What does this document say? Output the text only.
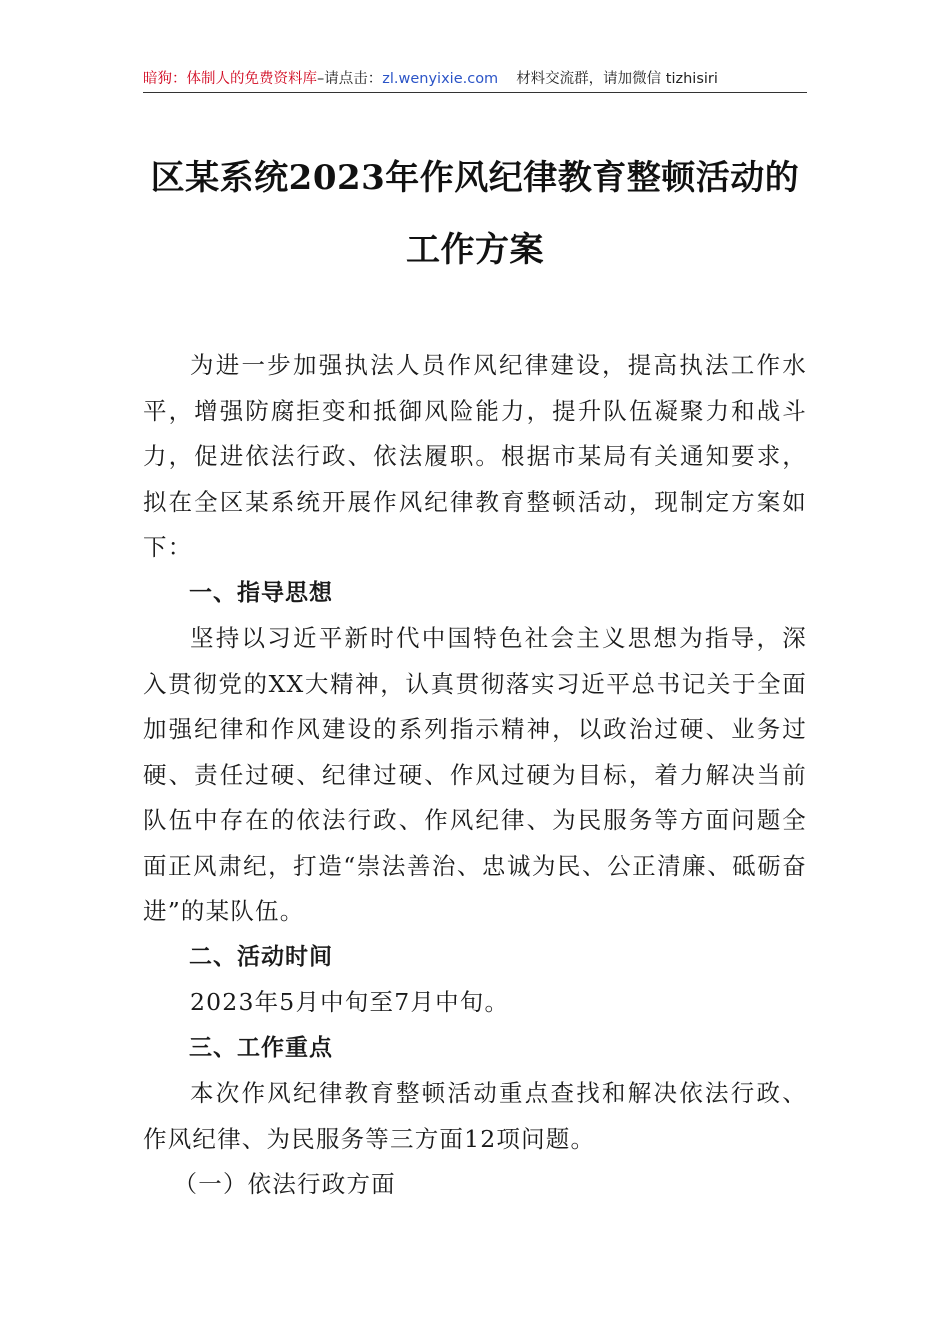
暗狗：体制人的免费资料库–请点击：zl.wenyixie.com 材料交流群，请加微信 tizhisiri
区某系统2023年作风纪律教育整顿活动的
工作方案

为进一步加强执法人员作风纪律建设，提高执法工作水平，增强防腐拒变和抵御风险能力，提升队伍凝聚力和战斗力，促进依法行政、依法履职。根据市某局有关通知要求，拟在全区某系统开展作风纪律教育整顿活动，现制定方案如下：

一、指导思想

坚持以习近平新时代中国特色社会主义思想为指导，深入贯彻党的XX大精神，认真贯彻落实习近平总书记关于全面加强纪律和作风建设的系列指示精神，以政治过硬、业务过硬、责任过硬、纪律过硬、作风过硬为目标，着力解决当前队伍中存在的依法行政、作风纪律、为民服务等方面问题全面正风肃纪，打造“崇法善治、忠诚为民、公正清廉、砥砺奋进”的某队伍。

二、活动时间

2023年5月中旬至7月中旬。

三、工作重点

本次作风纪律教育整顿活动重点查找和解决依法行政、作风纪律、为民服务等三方面12项问题。

（一）依法行政方面
